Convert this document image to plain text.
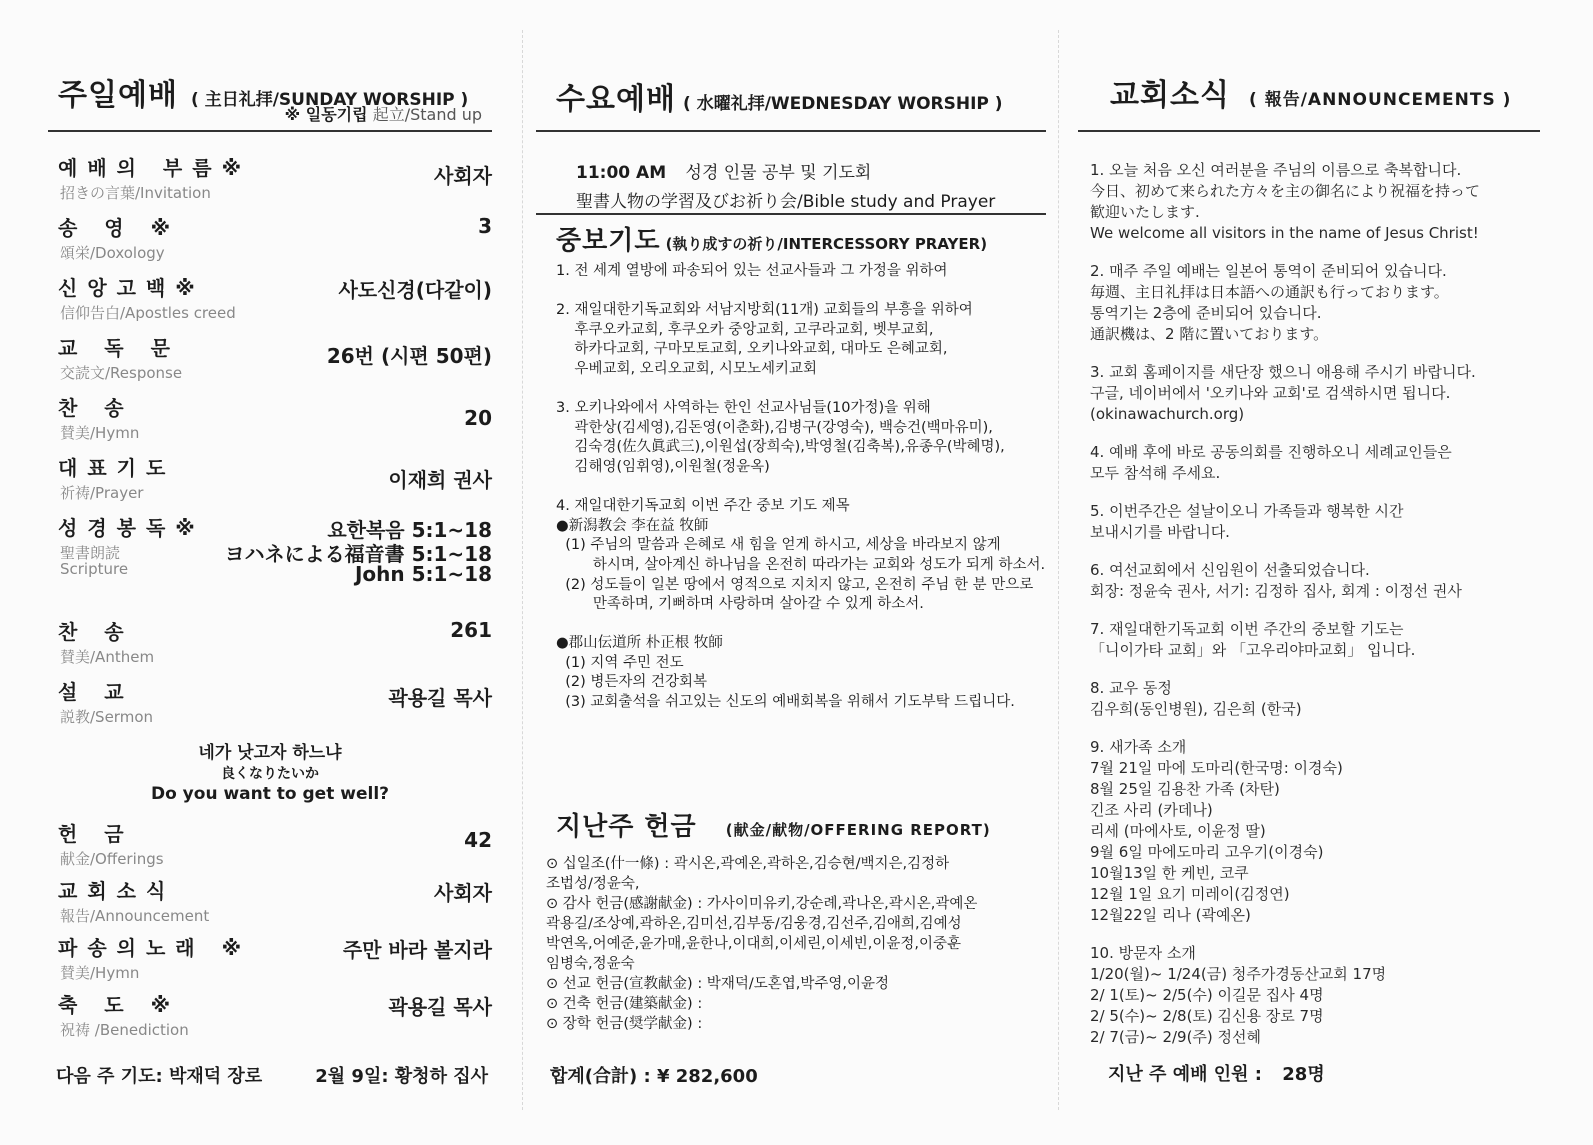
주일예배 ( 主日礼拝/SUNDAY WORSHIP )
※ 일동기립 起立/Stand up
예배의 부름※
招きの言葉/Invitation
사회자
송 영 ※
頌栄/Doxology
3
신앙고백※
信仰告白/Apostles creed
사도신경(다같이)
교 독 문
交読文/Response
26번 (시편 50편)
찬 송
賛美/Hymn
20
대표기도
祈祷/Prayer
이재희 권사
성경봉독※
聖書朗読
Scripture
요한복음 5:1~18
ヨハネによる福音書 5:1~18
John 5:1~18
찬 송
賛美/Anthem
261
설 교
説教/Sermon
곽용길 목사
네가 낫고자 하느냐
良くなりたいか
Do you want to get well?
헌 금
献金/Offerings
42
교회소식
報告/Announcement
사회자
파송의노래 ※
賛美/Hymn
주만 바라 볼지라
축 도 ※
祝祷 /Benediction
곽용길 목사
다음 주 기도: 박재덕 장로	2월 9일: 황청하 집사
수요예배 ( 水曜礼拝/WEDNESDAY WORSHIP )
11:00 AM 성경 인물 공부 및 기도회
聖書人物の学習及びお祈り会/Bible study and Prayer
중보기도 (執り成すの祈り/INTERCESSORY PRAYER)
1. 전 세계 열방에 파송되어 있는 선교사들과 그 가정을 위하여

2. 재일대한기독교회와 서남지방회(11개) 교회들의 부흥을 위하여
후쿠오카교회, 후쿠오카 중앙교회, 고쿠라교회, 벳부교회,
하카다교회, 구마모토교회, 오키나와교회, 대마도 은혜교회,
우베교회, 오리오교회, 시모노세키교회

3. 오키나와에서 사역하는 한인 선교사님들(10가정)을 위해
곽한상(김세영),김돈영(이춘화),김병구(강영숙), 백승건(백마유미),
김숙경(佐久眞武三),이원섭(장희숙),박영철(김축복),유종우(박혜명),
김해영(임휘영),이원철(정윤옥)

4. 재일대한기독교회 이번 주간 중보 기도 제목
●新潟教会 李在益 牧師
(1) 주님의 말씀과 은혜로 새 힘을 얻게 하시고, 세상을 바라보지 않게
하시며, 살아계신 하나님을 온전히 따라가는 교회와 성도가 되게 하소서.
(2) 성도들이 일본 땅에서 영적으로 지치지 않고, 온전히 주님 한 분 만으로
만족하며, 기뻐하며 사랑하며 살아갈 수 있게 하소서.

●郡山伝道所 朴正根 牧師
(1) 지역 주민 전도
(2) 병든자의 건강회복
(3) 교회출석을 쉬고있는 신도의 예배회복을 위해서 기도부탁 드립니다.
지난주 헌금 (献金/献物/OFFERING REPORT)
⊙ 십일조(什一條) : 곽시온,곽예온,곽하온,김승현/백지은,김정하
조법성/정윤숙,
⊙ 감사 헌금(感謝献金) : 가사이미유키,강순례,곽나온,곽시온,곽예온
곽용길/조상예,곽하온,김미선,김부동/김웅경,김선주,김애희,김예성
박연옥,어예준,윤가매,윤한나,이대희,이세린,이세빈,이윤정,이중훈
임병숙,정윤숙
⊙ 선교 헌금(宣教献金) : 박재덕/도혼엽,박주영,이윤정
⊙ 건축 헌금(建築献金) :
⊙ 장학 헌금(奨学献金) :
합계(合計) : ¥ 282,600
교회소식 ( 報告/ANNOUNCEMENTS )
1. 오늘 처음 오신 여러분을 주님의 이름으로 축복합니다.
今日、初めて来られた方々を主の御名により祝福を持って
歓迎いたします.
We welcome all visitors in the name of Jesus Christ!
2. 매주 주일 예배는 일본어 통역이 준비되어 있습니다.
毎週、主日礼拝は日本語への通訳も行っております。
통역기는 2층에 준비되어 있습니다.
通訳機は、2 階に置いております。
3. 교회 홈페이지를 새단장 했으니 애용해 주시기 바랍니다.
구글, 네이버에서 '오키나와 교회'로 검색하시면 됩니다.
(okinawachurch.org)
4. 예배 후에 바로 공동의회를 진행하오니 세례교인들은
모두 참석해 주세요.
5. 이번주간은 설날이오니 가족들과 행복한 시간
보내시기를 바랍니다.
6. 여선교회에서 신임원이 선출되었습니다.
회장: 정윤숙 권사, 서기: 김정하 집사, 회계 : 이정선 권사
7. 재일대한기독교회 이번 주간의 중보할 기도는
「니이가타 교회」와 「고우리야마교회」 입니다.
8. 교우 동정
김우희(동인병원), 김은희 (한국)
9. 새가족 소개
7월 21일 마에 도마리(한국명: 이경숙)
8월 25일 김용찬 가족 (차탄)
긴조 사리 (카데나)
리세 (마에사토, 이윤정 딸)
9월 6일 마에도마리 고우기(이경숙)
10월13일 한 케빈, 코쿠
12월 1일 요기 미레이(김정연)
12월22일 리나 (곽예온)
10. 방문자 소개
1/20(월)~ 1/24(금) 청주가경동산교회 17명
2/ 1(토)~ 2/5(수) 이길문 집사 4명
2/ 5(수)~ 2/8(토) 김신용 장로 7명
2/ 7(금)~ 2/9(주) 정선혜
지난 주 예배 인원 : 28명
